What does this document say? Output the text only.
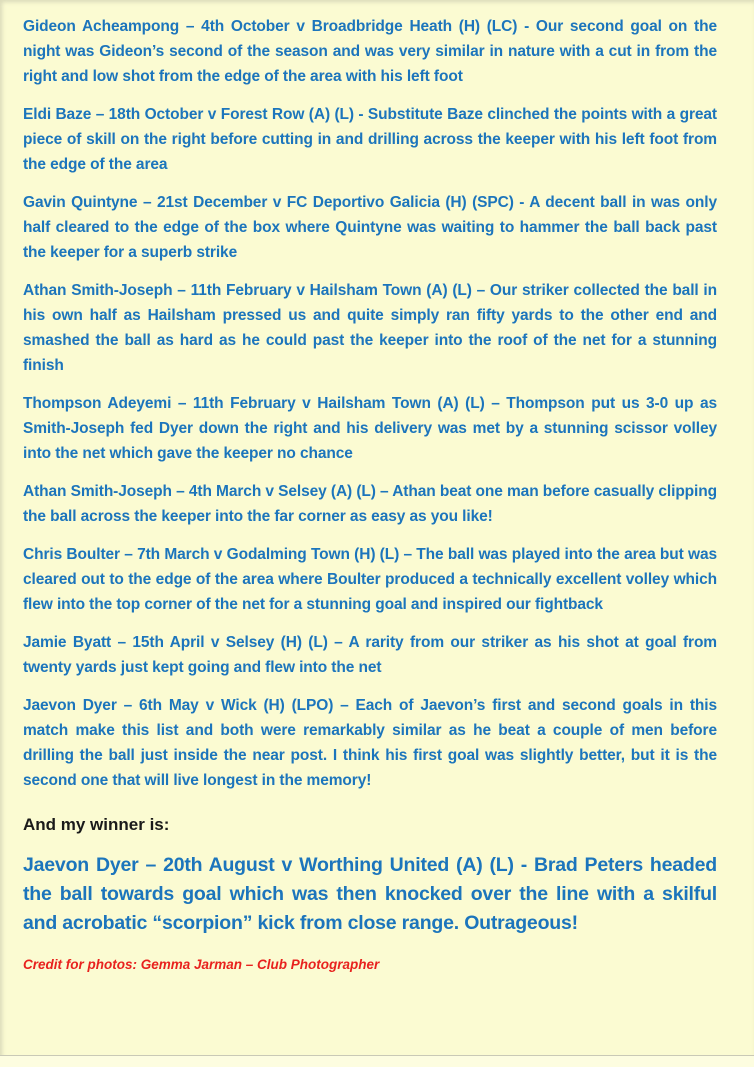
Gideon Acheampong – 4th October v Broadbridge Heath (H) (LC) - Our second goal on the night was Gideon’s second of the season and was very similar in nature with a cut in from the right and low shot from the edge of the area with his left foot

Eldi Baze – 18th October v Forest Row (A) (L) - Substitute Baze clinched the points with a great piece of skill on the right before cutting in and drilling across the keeper with his left foot from the edge of the area

Gavin Quintyne – 21st December v FC Deportivo Galicia (H) (SPC) - A decent ball in was only half cleared to the edge of the box where Quintyne was waiting to hammer the ball back past the keeper for a superb strike

Athan Smith-Joseph – 11th February v Hailsham Town (A) (L) – Our striker collected the ball in his own half as Hailsham pressed us and quite simply ran fifty yards to the other end and smashed the ball as hard as he could past the keeper into the roof of the net for a stunning finish

Thompson Adeyemi – 11th February v Hailsham Town (A) (L) – Thompson put us 3-0 up as Smith-Joseph fed Dyer down the right and his delivery was met by a stunning scissor volley into the net which gave the keeper no chance

Athan Smith-Joseph – 4th March v Selsey (A) (L) – Athan beat one man before casually clipping the ball across the keeper into the far corner as easy as you like!

Chris Boulter – 7th March v Godalming Town (H) (L) – The ball was played into the area but was cleared out to the edge of the area where Boulter produced a technically excellent volley which flew into the top corner of the net for a stunning goal and inspired our fightback

Jamie Byatt – 15th April v Selsey (H) (L) – A rarity from our striker as his shot at goal from twenty yards just kept going and flew into the net

Jaevon Dyer – 6th May v Wick (H) (LPO) – Each of Jaevon’s first and second goals in this match make this list and both were remarkably similar as he beat a couple of men before drilling the ball just inside the near post. I think his first goal was slightly better, but it is the second one that will live longest in the memory!

And my winner is:

Jaevon Dyer – 20th August v Worthing United (A) (L) - Brad Peters headed the ball towards goal which was then knocked over the line with a skilful and acrobatic “scorpion” kick from close range. Outrageous!

Credit for photos: Gemma Jarman – Club Photographer
